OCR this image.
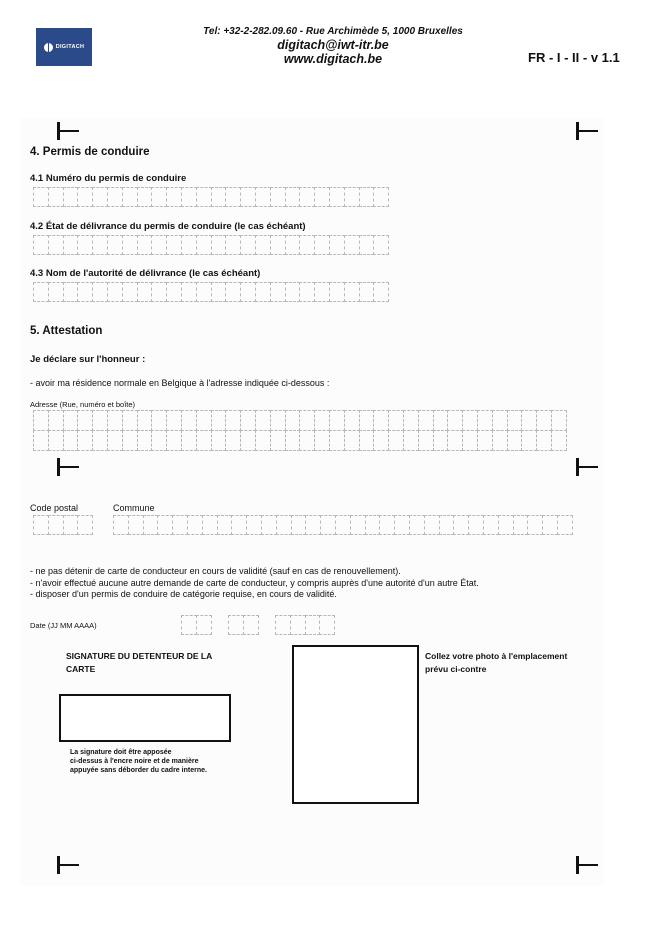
DIGITACH
Tel: +32-2-282.09.60 - Rue Archimède 5, 1000 Bruxelles
digitach@iwt-itr.be
www.digitach.be	FR - I - II - v 1.1
4. Permis de conduire
4.1 Numéro du permis de conduire
4.2 État de délivrance du permis de conduire (le cas échéant)
4.3 Nom de l'autorité de délivrance (le cas échéant)
5. Attestation
Je déclare sur l'honneur :
- avoir ma résidence normale en Belgique à l'adresse indiquée ci-dessous :
Adresse (Rue, numéro et boîte)
Code postal	Commune
- ne pas détenir de carte de conducteur en cours de validité (sauf en cas de renouvellement).
- n'avoir effectué aucune autre demande de carte de conducteur, y compris auprès d'une autorité d'un autre État.
- disposer d'un permis de conduire de catégorie requise, en cours de validité.
Date (JJ MM AAAA)
SIGNATURE DU DETENTEUR DE LA CARTE
La signature doit être apposée
ci-dessus à l'encre noire et de manière
appuyée sans déborder du cadre interne.
Collez votre photo à l'emplacement prévu ci-contre
